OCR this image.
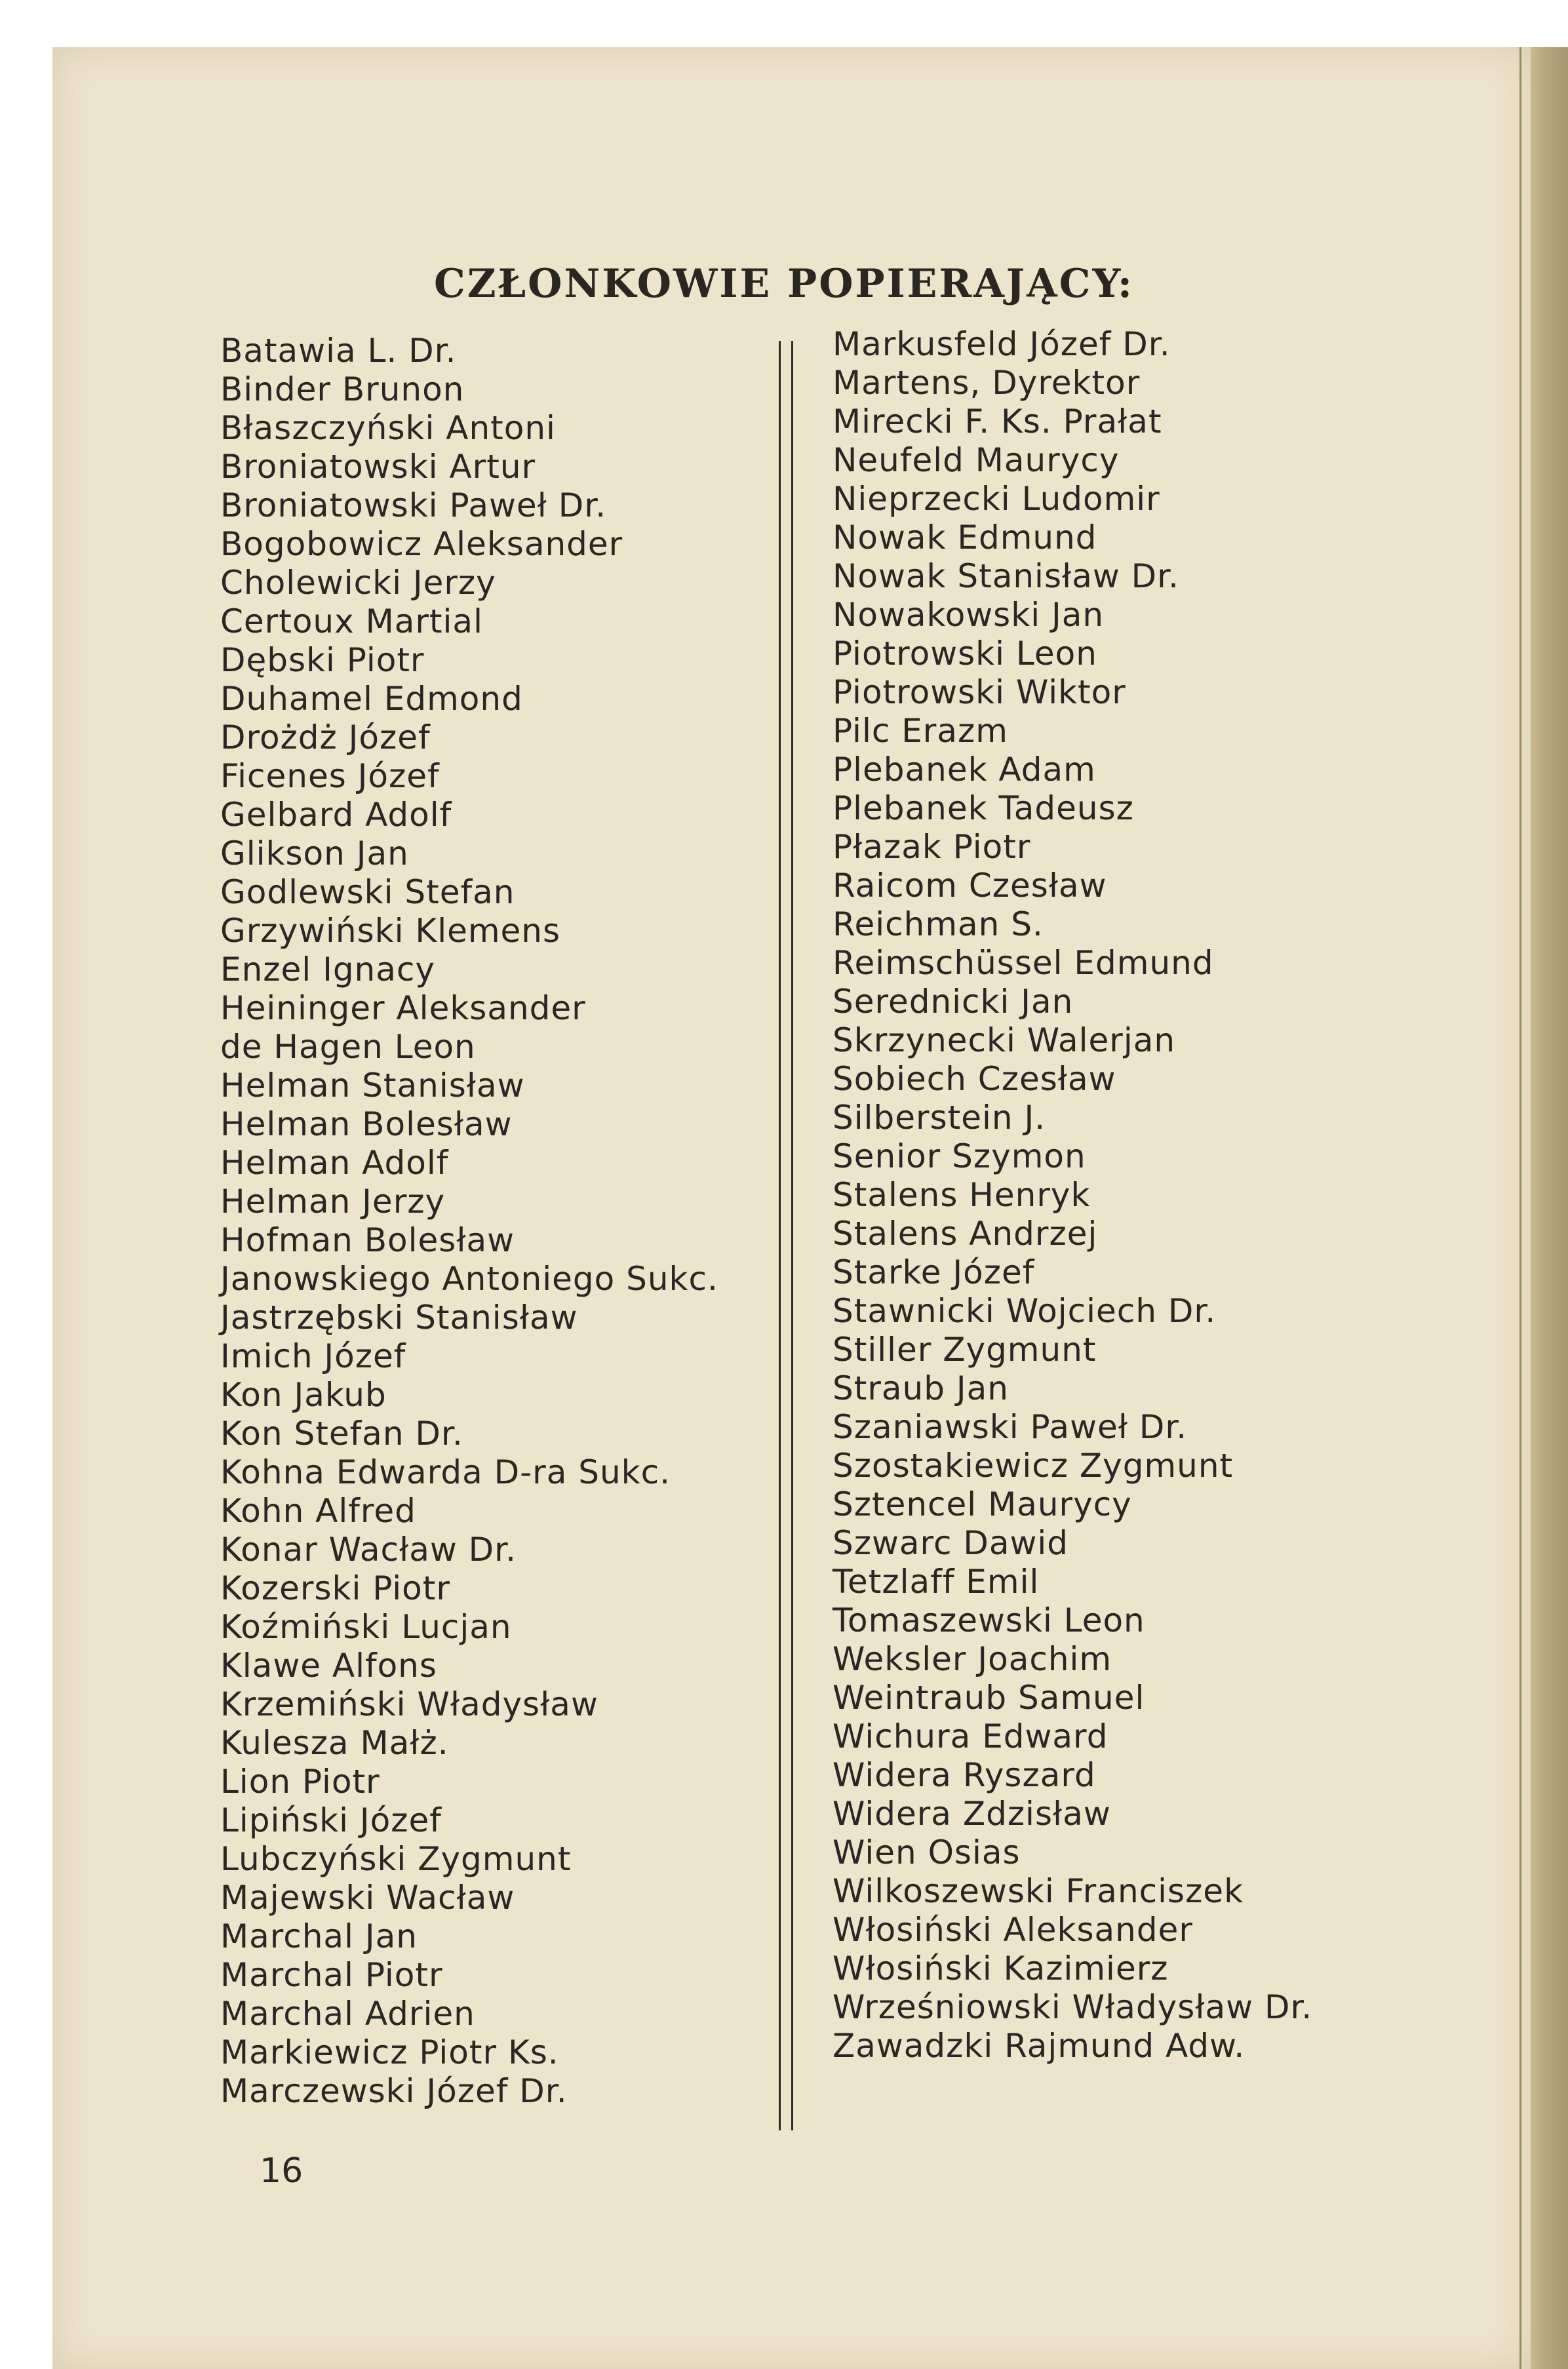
CZŁONKOWIE POPIERAJĄCY:
Batawia L. Dr.
Binder Brunon
Błaszczyński Antoni
Broniatowski Artur
Broniatowski Paweł Dr.
Bogobowicz Aleksander
Cholewicki Jerzy
Certoux Martial
Dębski Piotr
Duhamel Edmond
Drożdż Józef
Ficenes Józef
Gelbard Adolf
Glikson Jan
Godlewski Stefan
Grzywiński Klemens
Enzel Ignacy
Heininger Aleksander
de Hagen Leon
Helman Stanisław
Helman Bolesław
Helman Adolf
Helman Jerzy
Hofman Bolesław
Janowskiego Antoniego Sukc.
Jastrzębski Stanisław
Imich Józef
Kon Jakub
Kon Stefan Dr.
Kohna Edwarda D-ra Sukc.
Kohn Alfred
Konar Wacław Dr.
Kozerski Piotr
Koźmiński Lucjan
Klawe Alfons
Krzemiński Władysław
Kulesza Małż.
Lion Piotr
Lipiński Józef
Lubczyński Zygmunt
Majewski Wacław
Marchal Jan
Marchal Piotr
Marchal Adrien
Markiewicz Piotr Ks.
Marczewski Józef Dr.
Markusfeld Józef Dr.
Martens, Dyrektor
Mirecki F. Ks. Prałat
Neufeld Maurycy
Nieprzecki Ludomir
Nowak Edmund
Nowak Stanisław Dr.
Nowakowski Jan
Piotrowski Leon
Piotrowski Wiktor
Pilc Erazm
Plebanek Adam
Plebanek Tadeusz
Płazak Piotr
Raicom Czesław
Reichman S.
Reimschüssel Edmund
Serednicki Jan
Skrzynecki Walerjan
Sobiech Czesław
Silberstein J.
Senior Szymon
Stalens Henryk
Stalens Andrzej
Starke Józef
Stawnicki Wojciech Dr.
Stiller Zygmunt
Straub Jan
Szaniawski Paweł Dr.
Szostakiewicz Zygmunt
Sztencel Maurycy
Szwarc Dawid
Tetzlaff Emil
Tomaszewski Leon
Weksler Joachim
Weintraub Samuel
Wichura Edward
Widera Ryszard
Widera Zdzisław
Wien Osias
Wilkoszewski Franciszek
Włosiński Aleksander
Włosiński Kazimierz
Wrześniowski Władysław Dr.
Zawadzki Rajmund Adw.

16
